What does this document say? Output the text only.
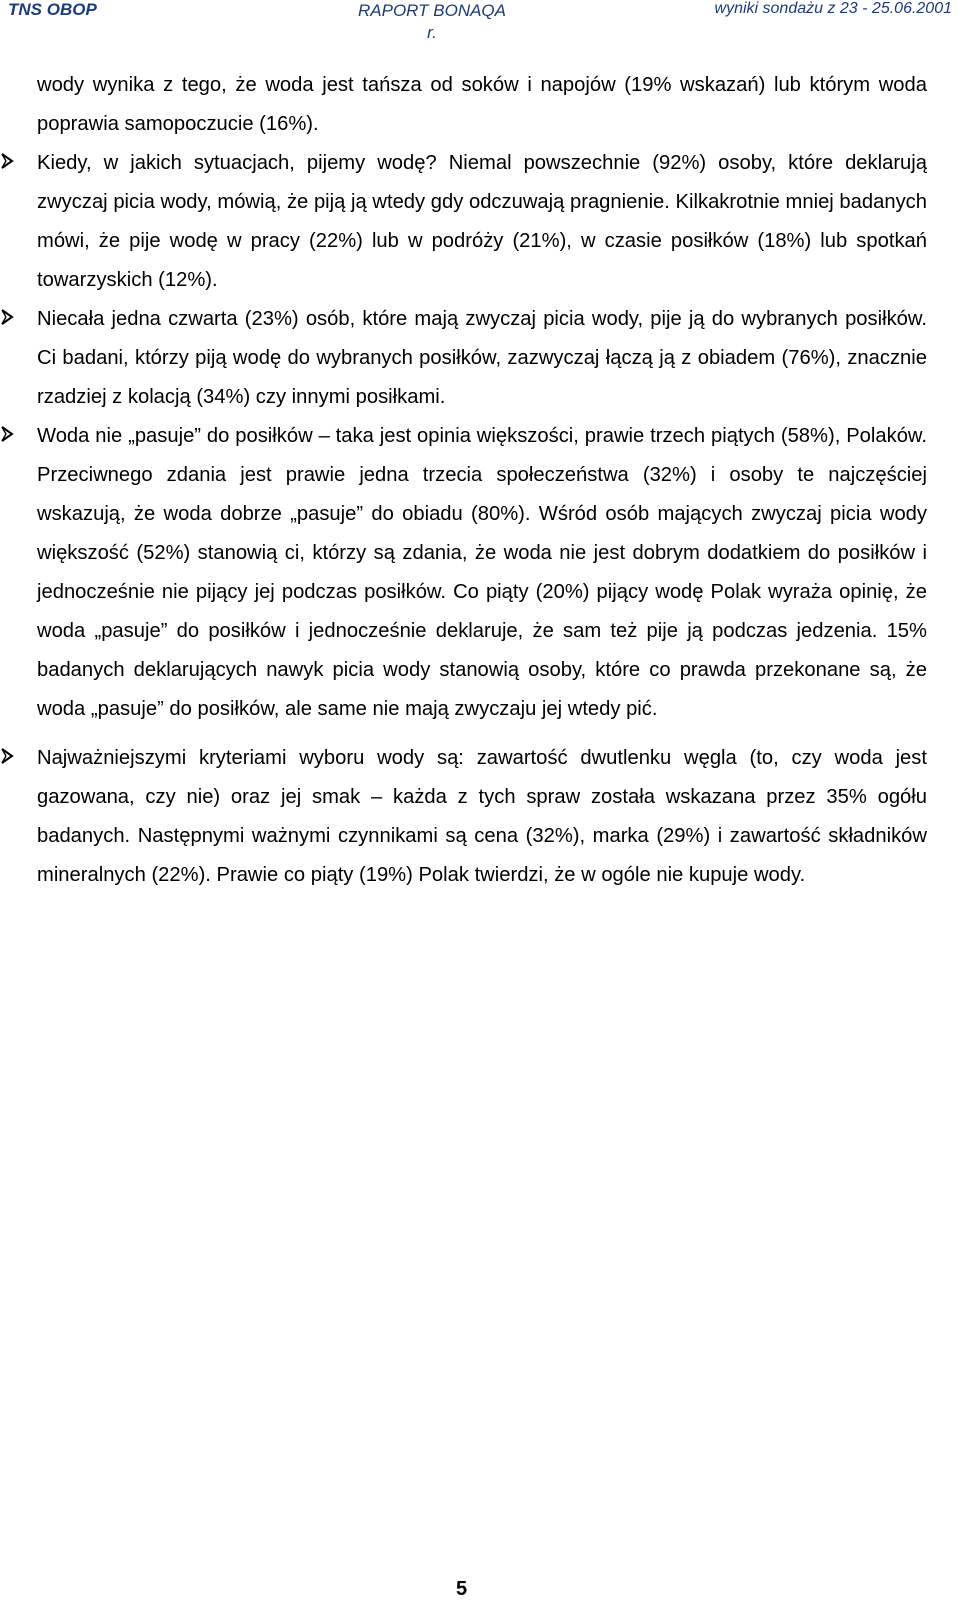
TNS OBOP	RAPORT BONAQA r.
wyniki sondażu z 23 - 25.06.2001

wody wynika z tego, że woda jest tańsza od soków i napojów (19% wskazań) lub którym woda poprawia samopoczucie (16%).

Kiedy, w jakich sytuacjach, pijemy wodę? Niemal powszechnie (92%) osoby, które deklarują zwyczaj picia wody, mówią, że piją ją wtedy gdy odczuwają pragnienie. Kilkakrotnie mniej badanych mówi, że pije wodę w pracy (22%) lub w podróży (21%), w czasie posiłków (18%) lub spotkań towarzyskich (12%).

Niecała jedna czwarta (23%) osób, które mają zwyczaj picia wody, pije ją do wybranych posiłków. Ci badani, którzy piją wodę do wybranych posiłków, zazwyczaj łączą ją z obiadem (76%), znacznie rzadziej z kolacją (34%) czy innymi posiłkami.

Woda nie „pasuje” do posiłków – taka jest opinia większości, prawie trzech piątych (58%), Polaków. Przeciwnego zdania jest prawie jedna trzecia społeczeństwa (32%) i osoby te najczęściej wskazują, że woda dobrze „pasuje” do obiadu (80%). Wśród osób mających zwyczaj picia wody większość (52%) stanowią ci, którzy są zdania, że woda nie jest dobrym dodatkiem do posiłków i jednocześnie nie pijący jej podczas posiłków. Co piąty (20%) pijący wodę Polak wyraża opinię, że woda „pasuje” do posiłków i jednocześnie deklaruje, że sam też pije ją podczas jedzenia. 15% badanych deklarujących nawyk picia wody stanowią osoby, które co prawda przekonane są, że woda „pasuje” do posiłków, ale same nie mają zwyczaju jej wtedy pić.

Najważniejszymi kryteriami wyboru wody są: zawartość dwutlenku węgla (to, czy woda jest gazowana, czy nie) oraz jej smak – każda z tych spraw została wskazana przez 35% ogółu badanych. Następnymi ważnymi czynnikami są cena (32%), marka (29%) i zawartość składników mineralnych (22%). Prawie co piąty (19%) Polak twierdzi, że w ogóle nie kupuje wody.

5
